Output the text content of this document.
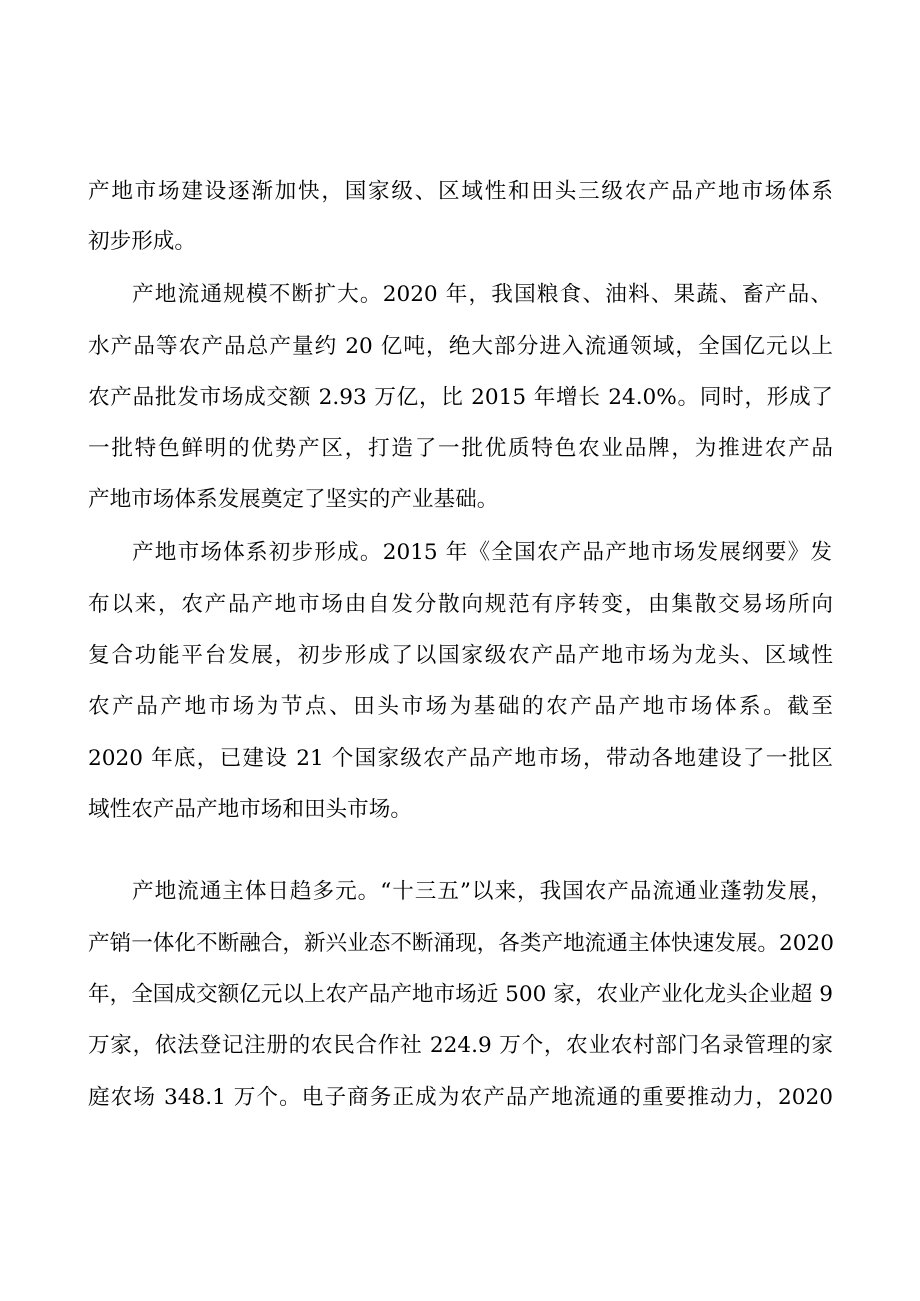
产地市场建设逐渐加快，国家级、区域性和田头三级农产品产地市场体系
初步形成。
产地流通规模不断扩大。2020 年，我国粮食、油料、果蔬、畜产品、
水产品等农产品总产量约 20 亿吨，绝大部分进入流通领域，全国亿元以上
农产品批发市场成交额 2.93 万亿，比 2015 年增长 24.0%。同时，形成了
一批特色鲜明的优势产区，打造了一批优质特色农业品牌，为推进农产品
产地市场体系发展奠定了坚实的产业基础。
产地市场体系初步形成。2015 年《全国农产品产地市场发展纲要》发
布以来，农产品产地市场由自发分散向规范有序转变，由集散交易场所向
复合功能平台发展，初步形成了以国家级农产品产地市场为龙头、区域性
农产品产地市场为节点、田头市场为基础的农产品产地市场体系。截至
2020 年底，已建设 21 个国家级农产品产地市场，带动各地建设了一批区
域性农产品产地市场和田头市场。
产地流通主体日趋多元。“十三五”以来，我国农产品流通业蓬勃发展，
产销一体化不断融合，新兴业态不断涌现，各类产地流通主体快速发展。2020
年，全国成交额亿元以上农产品产地市场近 500 家，农业产业化龙头企业超 9
万家，依法登记注册的农民合作社 224.9 万个，农业农村部门名录管理的家
庭农场 348.1 万个。电子商务正成为农产品产地流通的重要推动力，2020
